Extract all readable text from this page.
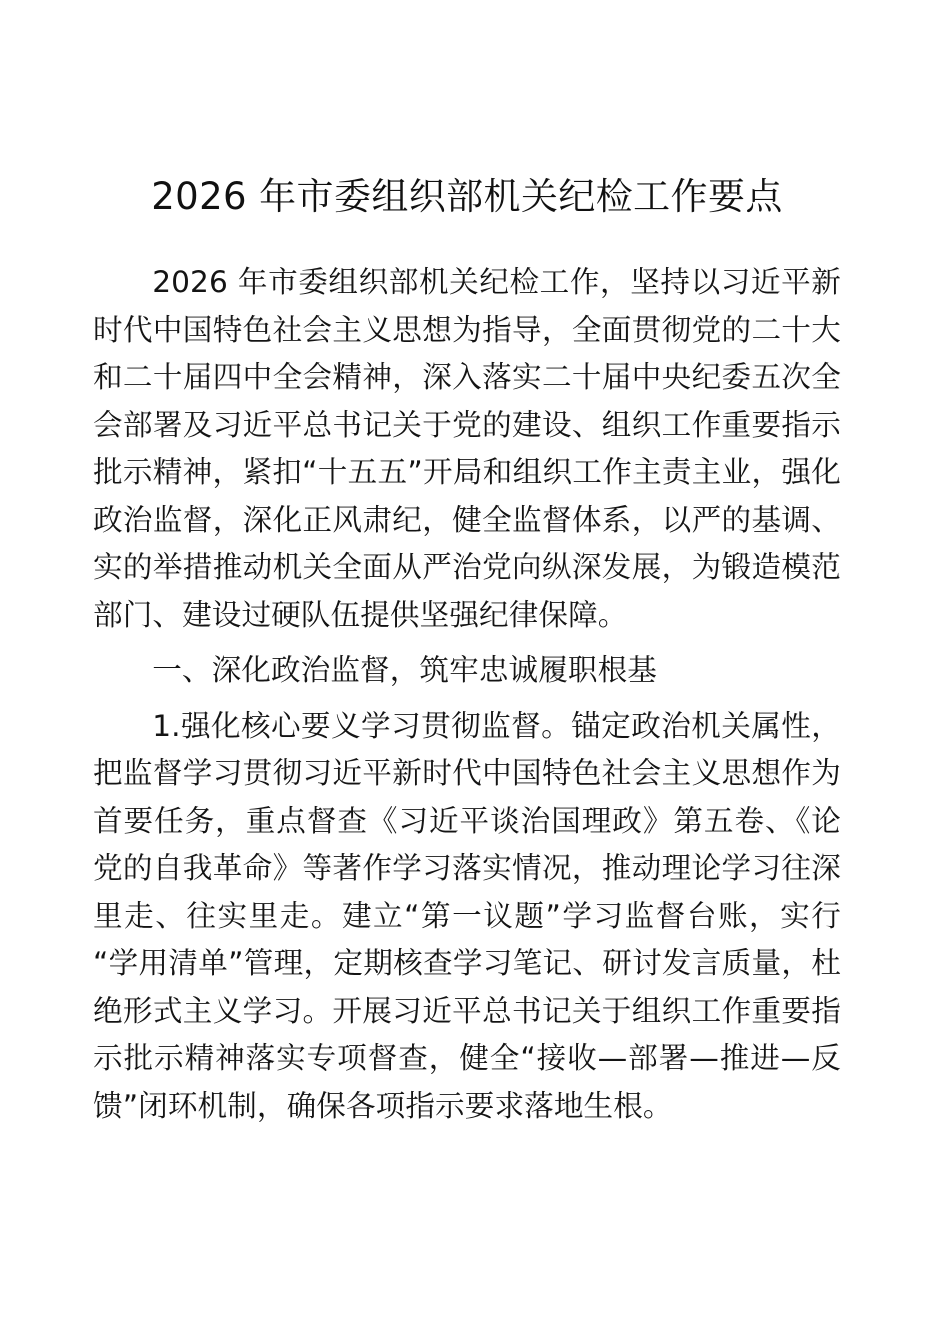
2026 年市委组织部机关纪检工作要点

2026 年市委组织部机关纪检工作，坚持以习近平新时代中国特色社会主义思想为指导，全面贯彻党的二十大和二十届四中全会精神，深入落实二十届中央纪委五次全会部署及习近平总书记关于党的建设、组织工作重要指示批示精神，紧扣“十五五”开局和组织工作主责主业，强化政治监督，深化正风肃纪，健全监督体系，以严的基调、实的举措推动机关全面从严治党向纵深发展，为锻造模范部门、建设过硬队伍提供坚强纪律保障。

一、深化政治监督，筑牢忠诚履职根基

1.强化核心要义学习贯彻监督。锚定政治机关属性，把监督学习贯彻习近平新时代中国特色社会主义思想作为首要任务，重点督查《习近平谈治国理政》第五卷、《论党的自我革命》等著作学习落实情况，推动理论学习往深里走、往实里走。建立“第一议题”学习监督台账，实行“学用清单”管理，定期核查学习笔记、研讨发言质量，杜绝形式主义学习。开展习近平总书记关于组织工作重要指示批示精神落实专项督查，健全“接收—部署—推进—反馈”闭环机制，确保各项指示要求落地生根。
